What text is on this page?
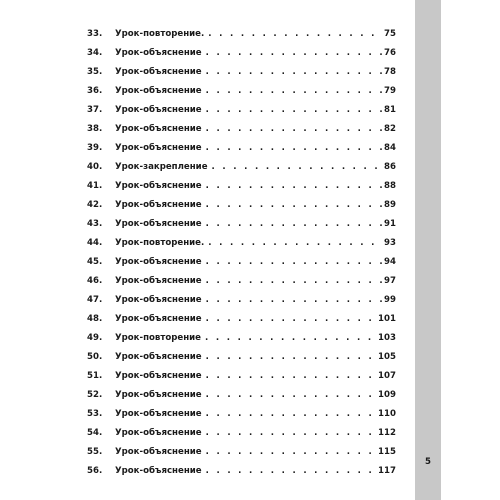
33.	Урок-повторение. . . .	75
34.	Урок-объяснение . . .	76
35.	Урок-объяснение . . .	78
36.	Урок-объяснение . . .	79
37.	Урок-объяснение . . .	81
38.	Урок-объяснение . . .	82
39.	Урок-объяснение . . .	84
40.	Урок-закрепление . . .	86
41.	Урок-объяснение . . .	88
42.	Урок-объяснение . . .	89
43.	Урок-объяснение . . .	91
44.	Урок-повторение. . . .	93
45.	Урок-объяснение . . .	94
46.	Урок-объяснение . . .	97
47.	Урок-объяснение . . .	99
48.	Урок-объяснение . . .	101
49.	Урок-повторение . . .	103
50.	Урок-объяснение . . .	105
51.	Урок-объяснение . . .	107
52.	Урок-объяснение . . .	109
53.	Урок-объяснение . . .	110
54.	Урок-объяснение . . .	112
55.	Урок-объяснение . . .	115
56.	Урок-объяснение . . .	117
5
